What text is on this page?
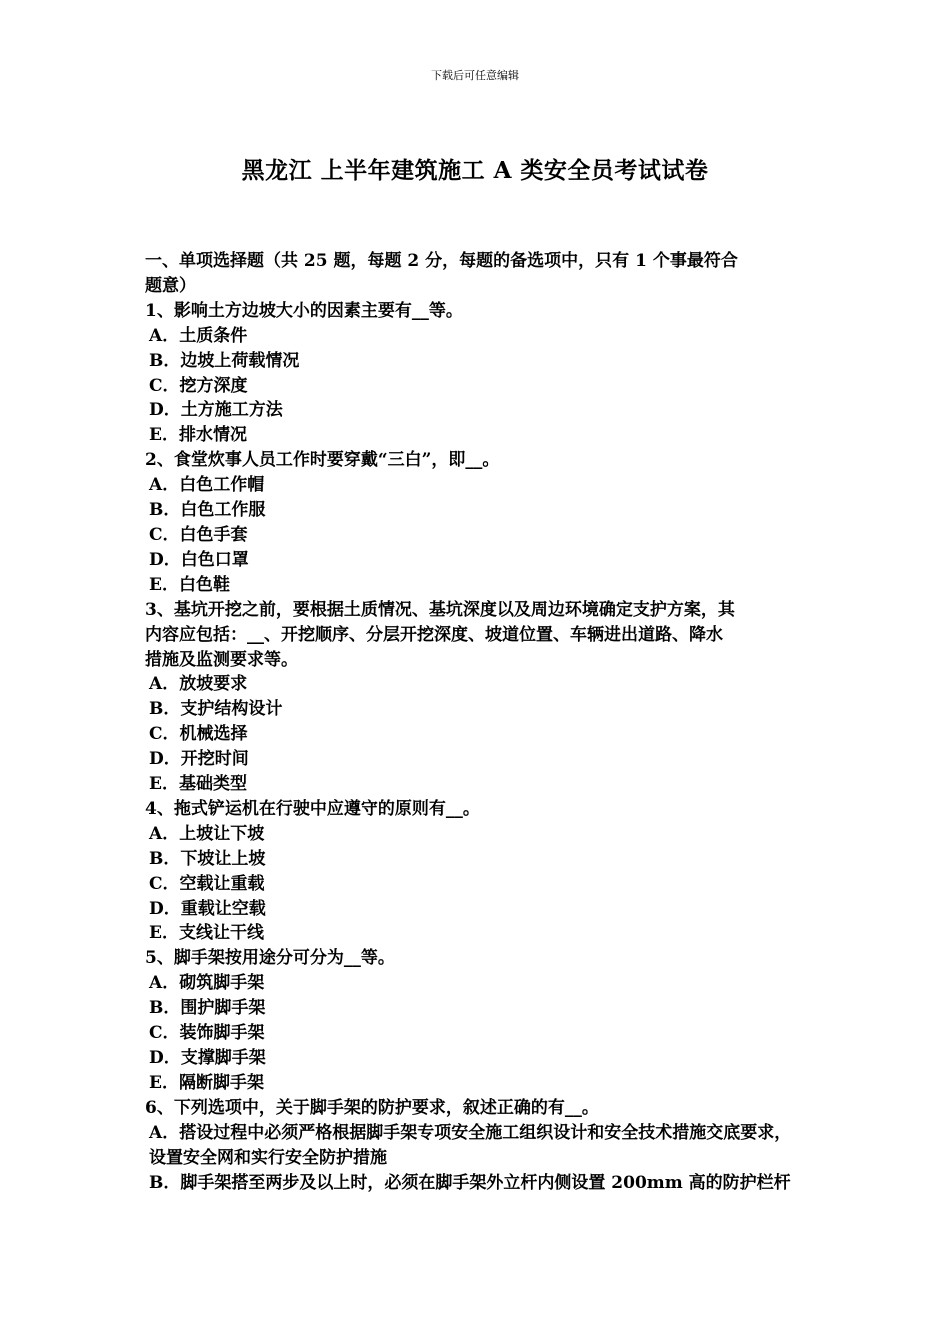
下载后可任意编辑
黑龙江 上半年建筑施工 A 类安全员考试试卷
一、单项选择题（共 25 题，每题 2 分，每题的备选项中，只有 1 个事最符合
题意）
1、影响土方边坡大小的因素主要有__等。
A．土质条件
B．边坡上荷载情况
C．挖方深度
D．土方施工方法
E．排水情况
2、食堂炊事人员工作时要穿戴“三白”，即__。
A．白色工作帽
B．白色工作服
C．白色手套
D．白色口罩
E．白色鞋
3、基坑开挖之前，要根据土质情况、基坑深度以及周边环境确定支护方案，其
内容应包括：__、开挖顺序、分层开挖深度、坡道位置、车辆进出道路、降水
措施及监测要求等。
A．放坡要求
B．支护结构设计
C．机械选择
D．开挖时间
E．基础类型
4、拖式铲运机在行驶中应遵守的原则有__。
A．上坡让下坡
B．下坡让上坡
C．空载让重载
D．重载让空载
E．支线让干线
5、脚手架按用途分可分为__等。
A．砌筑脚手架
B．围护脚手架
C．装饰脚手架
D．支撑脚手架
E．隔断脚手架
6、下列选项中，关于脚手架的防护要求，叙述正确的有__。
A．搭设过程中必须严格根据脚手架专项安全施工组织设计和安全技术措施交底要求，设置安全网和实行安全防护措施
B．脚手架搭至两步及以上时，必须在脚手架外立杆内侧设置 200mm 高的防护栏杆
